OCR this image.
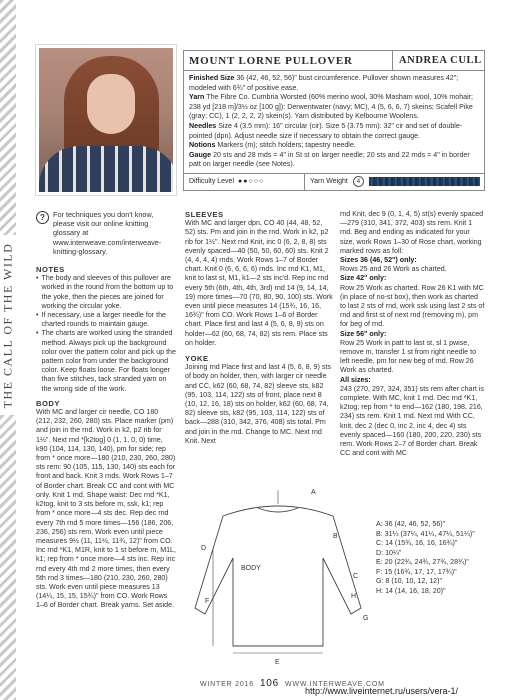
THE CALL OF THE WILD
MOUNT LORNE PULLOVER	ANDREA CULL

Finished Size 36 (42, 46, 52, 56)" bust circumference. Pullover shown measures 42"; modeled with 6¾" of positive ease.

Yarn The Fibre Co. Cumbria Worsted (60% merino wool, 30% Masham wool, 10% mohair; 238 yd [218 m]/3½ oz [100 g]): Derwentwater (navy; MC), 4 (5, 6, 6, 7) skeins; Scafell Pike (gray; CC), 1 (2, 2, 2, 2) skein(s). Yarn distributed by Kelbourne Woolens.

Needles Size 4 (3.5 mm): 16" circular (cir). Size 5 (3.75 mm): 32" cir and set of double-pointed (dpn). Adjust needle size if necessary to obtain the correct gauge.

Notions Markers (m); stitch holders; tapestry needle.

Gauge 20 sts and 28 rnds = 4" in St st on larger needle; 20 sts and 22 rnds = 4" in border patt on larger needle (see Notes).

Difficulty Level ●●○○○	Yarn Weight	4
?	For techniques you don't know, please visit our online knitting glossary at www.interweave.com/interweave-knitting-glossary.

NOTES

• The body and sleeves of this pullover are worked in the round from the bottom up to the yoke, then the pieces are joined for working the circular yoke.
• If necessary, use a larger needle for the charted rounds to maintain gauge.
• The charts are worked using the stranded method. Always pick up the background color over the pattern color and pick up the pattern color from under the background color. Keep floats loose. For floats longer than five stitches, tack stranded yarn on the wrong side of the work.

BODY

With MC and larger cir needle, CO 180 (212, 232, 260, 280) sts. Place marker (pm) and join in the rnd. Work in k2, p2 rib for 1½". Next rnd *[k2tog] 0 (1, 1, 0, 0) time, k90 (104, 114, 130, 140), pm for side; rep from * once more—180 (210, 230, 260, 280) sts rem: 90 (105, 115, 130, 140) sts each for front and back. Knit 3 rnds. Work Rows 1–7 of Border chart. Break CC and cont with MC only. Knit 1 rnd. Shape waist: Dec rnd *K1, k2tog, knit to 3 sts before m, ssk, k1; rep from * once more—4 sts dec. Rep dec rnd every 7th rnd 5 more times—156 (186, 206, 236, 256) sts rem. Work even until piece measures 9½ (11, 11½, 11¾, 12)" from CO. Inc rnd *K1, M1R, knit to 1 st before m, M1L, k1; rep from * once more—4 sts inc. Rep inc rnd every 4th rnd 2 more times, then every 5th rnd 3 times—180 (210, 230, 260, 280) sts. Work even until piece measures 13 (14¼, 15, 15, 15¾)" from CO. Work Rows 1–6 of Border chart. Break yarns. Set aside.

SLEEVES

With MC and larger dpn, CO 40 (44, 48, 52, 52) sts. Pm and join in the rnd. Work in k2, p2 rib for 1½". Next rnd Knit, inc 0 (6, 2, 8, 8) sts evenly spaced—40 (50, 50, 60, 60) sts. Knit 2 (4, 4, 4, 4) rnds. Work Rows 1–7 of Border chart. Knit 0 (6, 6, 6, 6) rnds. Inc rnd K1, M1, knit to last st, M1, k1—2 sts inc'd. Rep inc rnd every 5th (6th, 4th, 4th, 3rd) rnd 14 (9, 14, 14, 19) more times—70 (70, 80, 90, 100) sts. Work even until piece measures 14 (15¾, 16, 16, 16¾)" from CO. Work Rows 1–6 of Border chart. Place first and last 4 (5, 6, 8, 9) sts on holder—62 (60, 68, 74, 82) sts rem. Place sts on holder.

YOKE

Joining rnd Place first and last 4 (5, 6, 8, 9) sts of body on holder, then, with larger cir needle and CC, k62 (60, 68, 74, 82) sleeve sts, k82 (95, 103, 114, 122) sts of front, place next 8 (10, 12, 16, 18) sts on holder, k62 (60, 68, 74, 82) sleeve sts, k82 (95, 103, 114, 122) sts of back—288 (310, 342, 376, 408) sts total. Pm and join in the rnd. Change to MC. Next rnd Knit. Next

rnd Knit, dec 9 (0, 1, 4, 5) st(s) evenly spaced—279 (310, 341, 372, 403) sts rem. Knit 1 rnd. Beg and ending as indicated for your size, work Rows 1–30 of Rose chart, working marked rows as foll:

Sizes 36 (46, 52") only:

Rows 25 and 26 Work as charted.

Size 42" only:

Row 25 Work as charted. Row 26 K1 with MC (in place of no-st box), then work as charted to last 2 sts of rnd, work ssk using last 2 sts of rnd and first st of next rnd (removing m), pm for beg of rnd.

Size 56" only:

Row 25 Work in patt to last st, sl 1 pwise, remove m, transfer 1 st from right needle to left needle, pm for new beg of rnd. Row 26 Work as charted.

All sizes:

243 (270, 297, 324, 351) sts rem after chart is complete. With MC, knit 1 rnd. Dec rnd *K1, k2tog; rep from * to end—162 (180, 198, 216, 234) sts rem. Knit 1 rnd. Next rnd With CC, knit, dec 2 (dec 0, inc 2, inc 4, dec 4) sts evenly spaced—160 (180, 200, 220, 230) sts rem. Work Rows 2–7 of Border chart. Break CC and cont with MC

BODY
A
B
C
D
E
F
G
H
A: 36 (42, 46, 52, 56)"
B: 31¼ (37¼, 41¼, 47¼, 51¼)"
C: 14 (15¾, 16, 16, 16¾)"
D: 10¼"
E: 20 (22¾, 24¾, 27¾, 28¾)"
F: 15 (16¾, 17, 17, 17¾)"
G: 8 (10, 10, 12, 12)"
H: 14 (14, 16, 18, 20)"
WINTER 2016 106 WWW.INTERWEAVE.COM
http://www.liveinternet.ru/users/vera-1/
